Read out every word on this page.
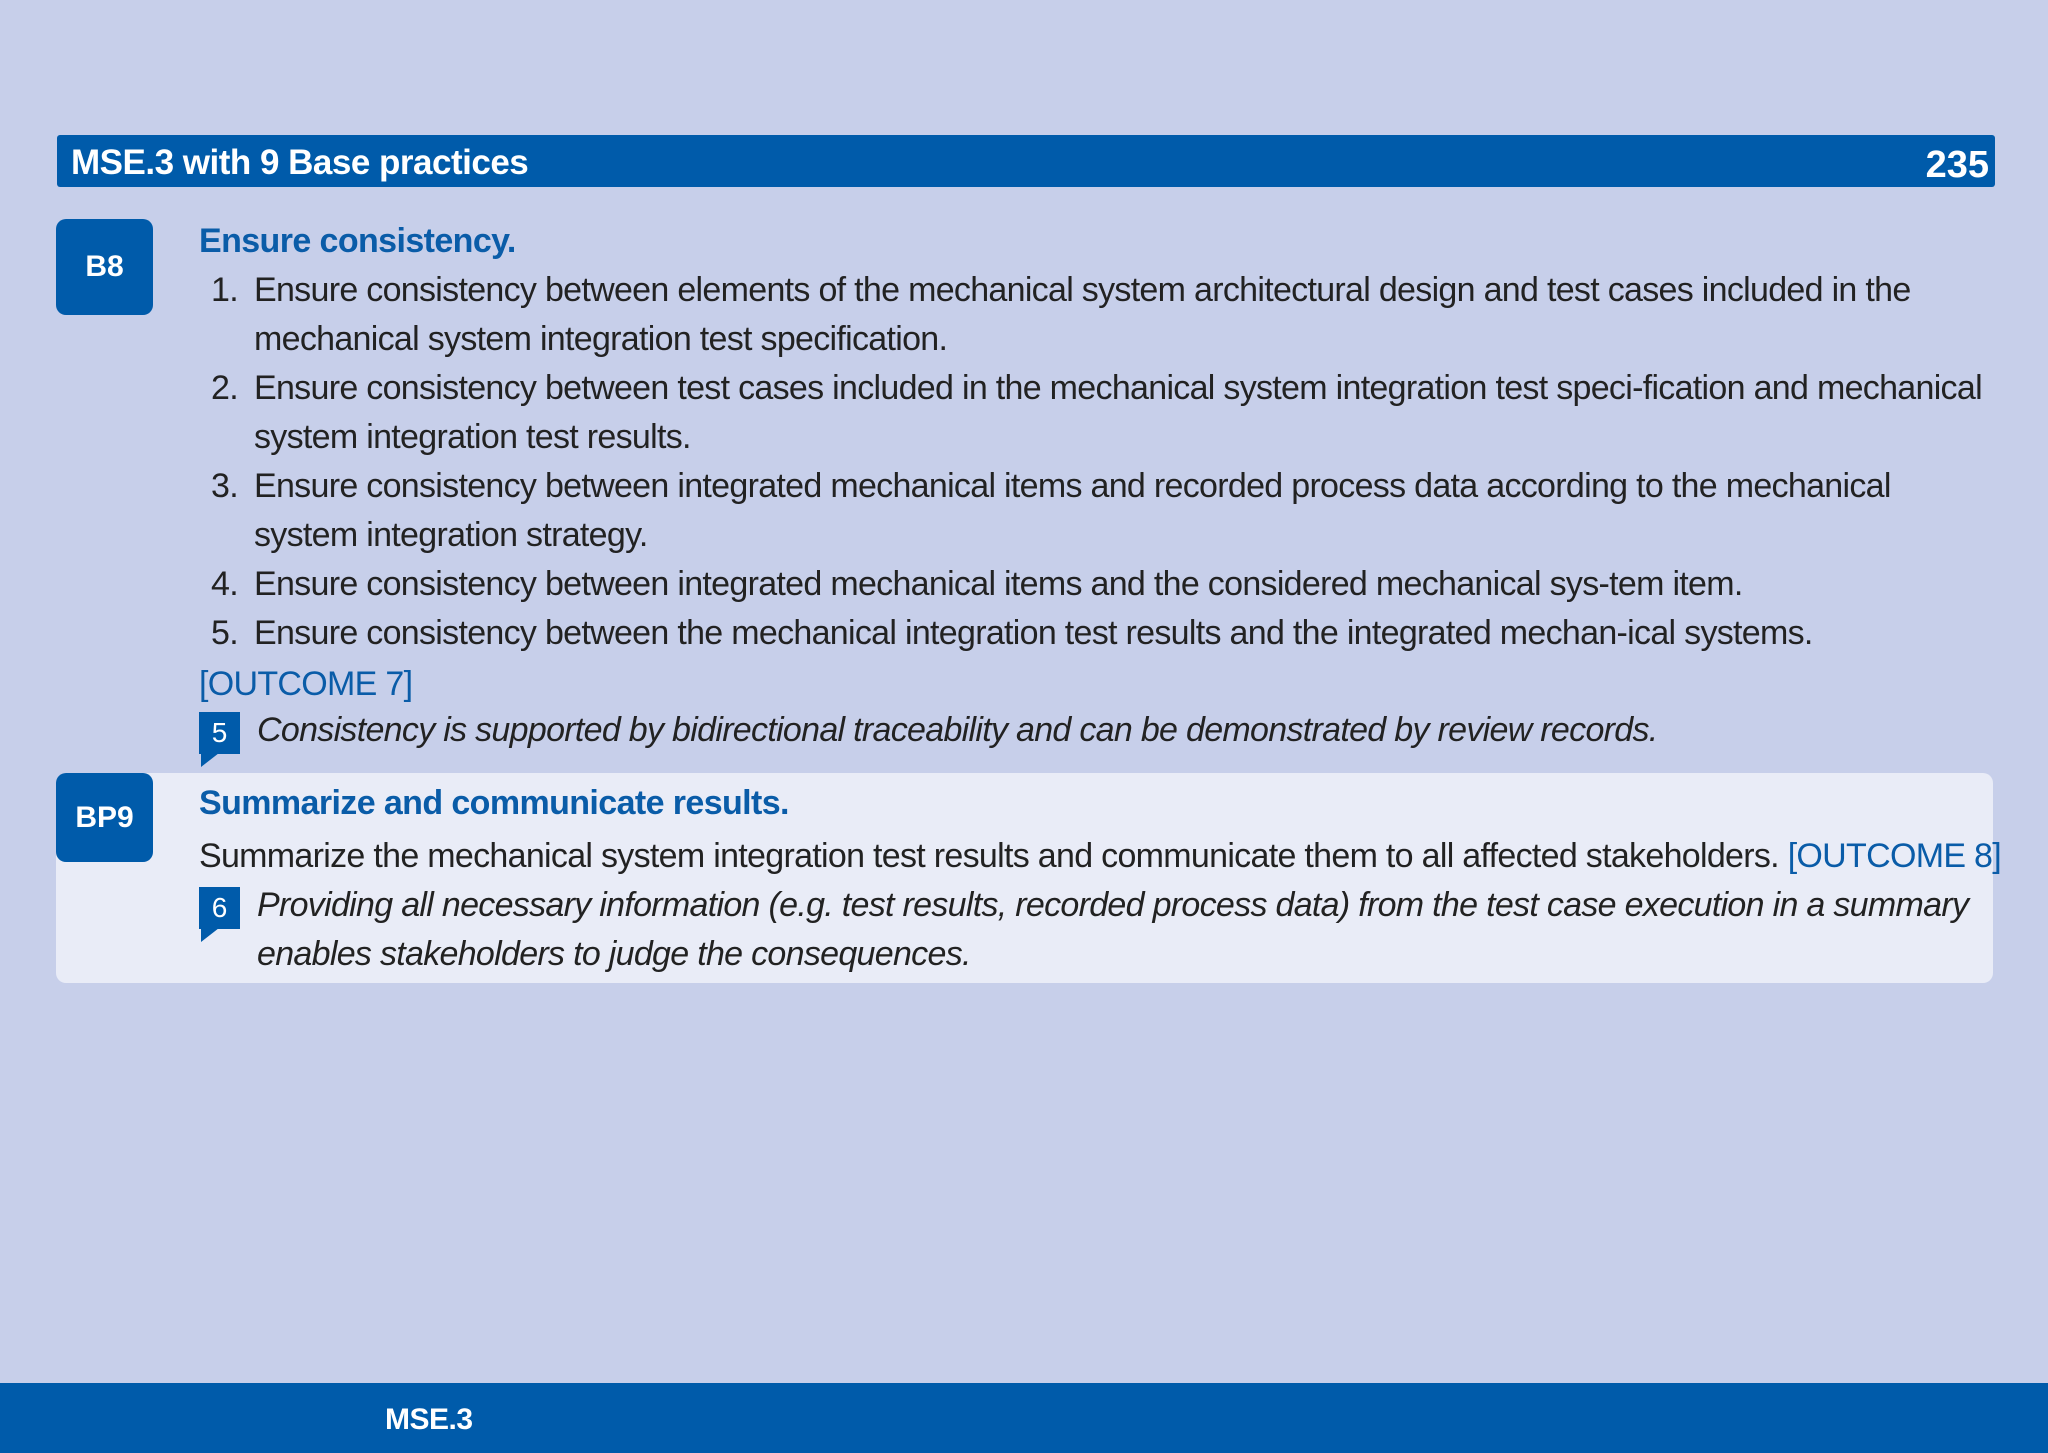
MSE.3 with 9 Base practices	235
B8
Ensure consistency.
1. Ensure consistency between elements of the mechanical system architectural design and test cases included in the mechanical system integration test specification.
2. Ensure consistency between test cases included in the mechanical system integration test speci-fication and mechanical system integration test results.
3. Ensure consistency between integrated mechanical items and recorded process data according to the mechanical system integration strategy.
4. Ensure consistency between integrated mechanical items and the considered mechanical sys-tem item.
5. Ensure consistency between the mechanical integration test results and the integrated mechan-ical systems.
[OUTCOME 7]
5 Consistency is supported by bidirectional traceability and can be demonstrated by review records.
BP9	Summarize and communicate results.
Summarize the mechanical system integration test results and communicate them to all affected stakeholders. [OUTCOME 8]
6 Providing all necessary information (e.g. test results, recorded process data) from the test case execution in a summary enables stakeholders to judge the consequences.
MSE.3
